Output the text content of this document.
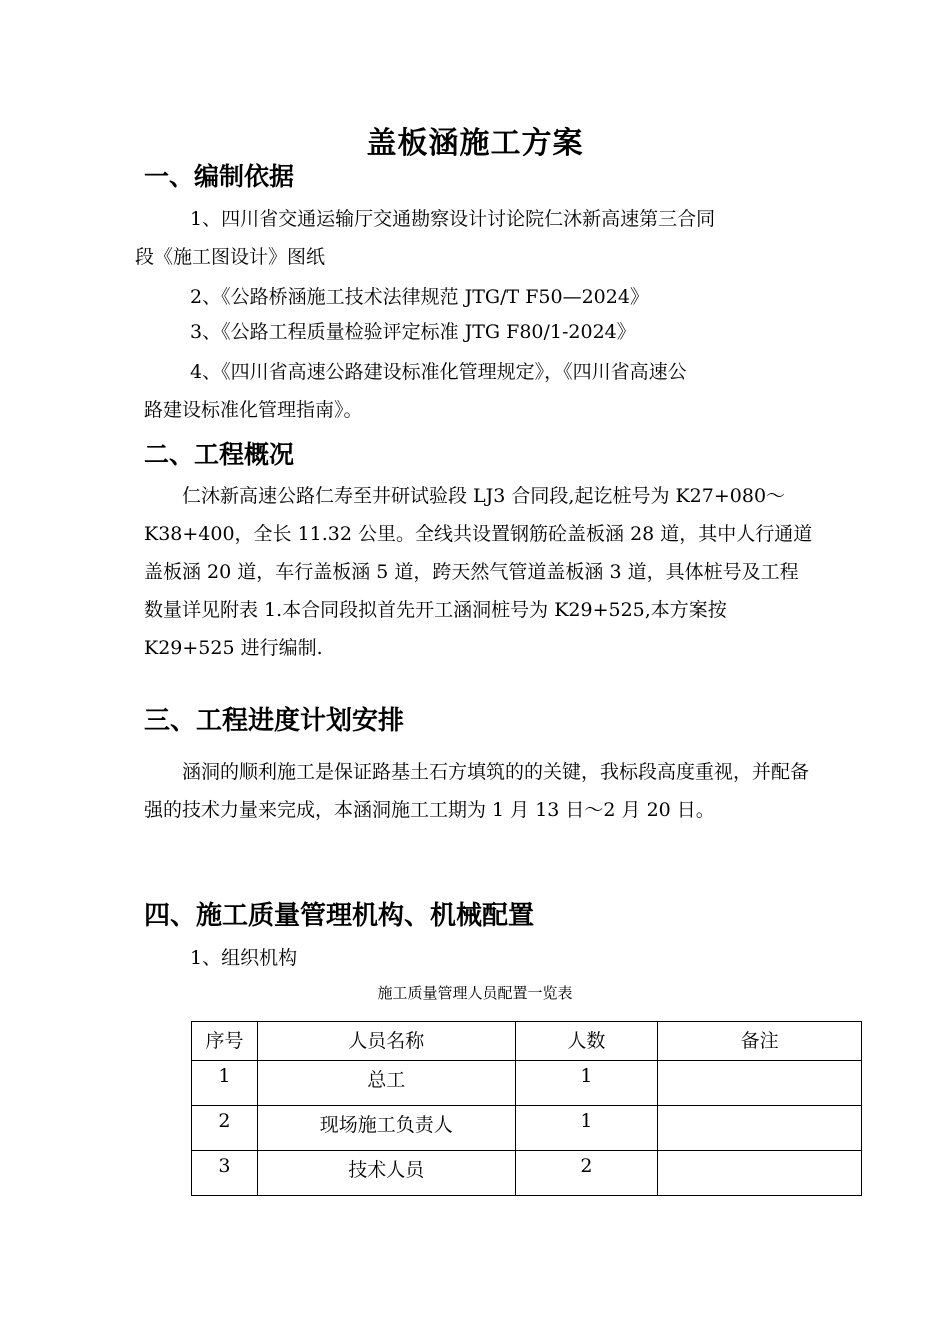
盖板涵施工方案
一、编制依据
1、四川省交通运输厅交通勘察设计讨论院仁沐新高速第三合同
段《施工图设计》图纸
2、《公路桥涵施工技术法律规范 JTG/T F50—2024》
3、《公路工程质量检验评定标准 JTG F80/1-2024》
4、《四川省高速公路建设标准化管理规定》，《四川省高速公
路建设标准化管理指南》。
二、工程概况
仁沐新高速公路仁寿至井研试验段 LJ3 合同段,起讫桩号为 K27+080～K38+400，全长 11.32 公里。全线共设置钢筋砼盖板涵 28 道，其中人行通道盖板涵 20 道，车行盖板涵 5 道，跨天然气管道盖板涵 3 道，具体桩号及工程数量详见附表 1.本合同段拟首先开工涵洞桩号为 K29+525,本方案按 K29+525 进行编制.
三、工程进度计划安排
涵洞的顺利施工是保证路基土石方填筑的的关键，我标段高度重视，并配备强的技术力量来完成，本涵洞施工工期为 1 月 13 日～2 月 20 日。
四、施工质量管理机构、机械配置
1、组织机构
施工质量管理人员配置一览表
序号	人员名称	人数	备注
1	总工	1	
2	现场施工负责人	1	
3	技术人员	2	
